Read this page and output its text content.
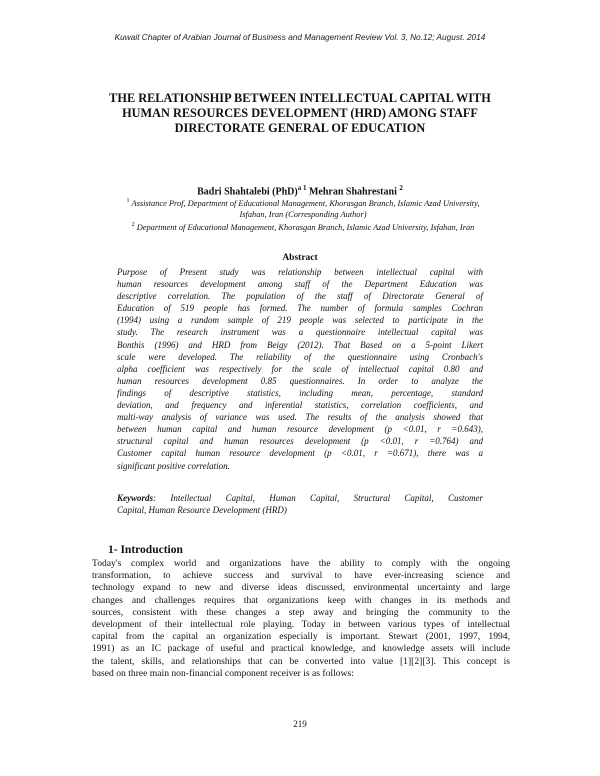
Kuwait Chapter of Arabian Journal of Business and Management Review Vol. 3, No.12; August. 2014
THE RELATIONSHIP BETWEEN INTELLECTUAL CAPITAL WITH
HUMAN RESOURCES DEVELOPMENT (HRD) AMONG STAFF
DIRECTORATE GENERAL OF EDUCATION
Badri Shahtalebi (PhD)$^{a 1}$ Mehran Shahrestani $^2$
$^1$ Assistance Prof, Department of Educational Management, Khorasgan Branch, Islamic Azad University,
Isfahan, Iran (Corresponding Author)
$^2$ Department of Educational Management, Khorasgan Branch, Islamic Azad University, Isfahan, Iran
Abstract
Purpose of Present study was relationship between intellectual capital with
human resources development among staff of the Department Education was
descriptive correlation. The population of the staff of Directorate General of
Education of 519 people has formed. The number of formula samples Cochran
(1994) using a random sample of 219 people was selected to participate in the
study. The research instrument was a questionnaire intellectual capital was
Bonthis (1996) and HRD from Beigy (2012). That Based on a 5-point Likert
scale were developed. The reliability of the questionnaire using Cronbach's
alpha coefficient was respectively for the scale of intellectual capital 0.80 and
human resources development 0.85 questionnaires. In order to analyze the
findings of descriptive statistics, including mean, percentage, standard
deviation, and frequency and inferential statistics, correlation coefficients, and
multi-way analysis of variance was used. The results of the analysis showed that
between human capital and human resource development (p <0.01, r =0.643),
structural capital and human resources development (p <0.01, r =0.764) and
Customer capital human resource development (p <0.01, r =0.671), there was a
significant positive correlation.
Keywords: Intellectual Capital, Human Capital, Structural Capital, Customer
Capital, Human Resource Development (HRD)
1- Introduction
Today's complex world and organizations have the ability to comply with the ongoing
transformation, to achieve success and survival to have ever-increasing science and
technology expand to new and diverse ideas discussed, environmental uncertainty and large
changes and challenges requires that organizations keep with changes in its methods and
sources, consistent with these changes a step away and bringing the community to the
development of their intellectual role playing. Today in between various types of intellectual
capital from the capital an organization especially is important. Stewart (2001, 1997, 1994,
1991) as an IC package of useful and practical knowledge, and knowledge assets will include
the talent, skills, and relationships that can be converted into value [1][2][3]. This concept is
based on three main non-financial component receiver is as follows:
219
